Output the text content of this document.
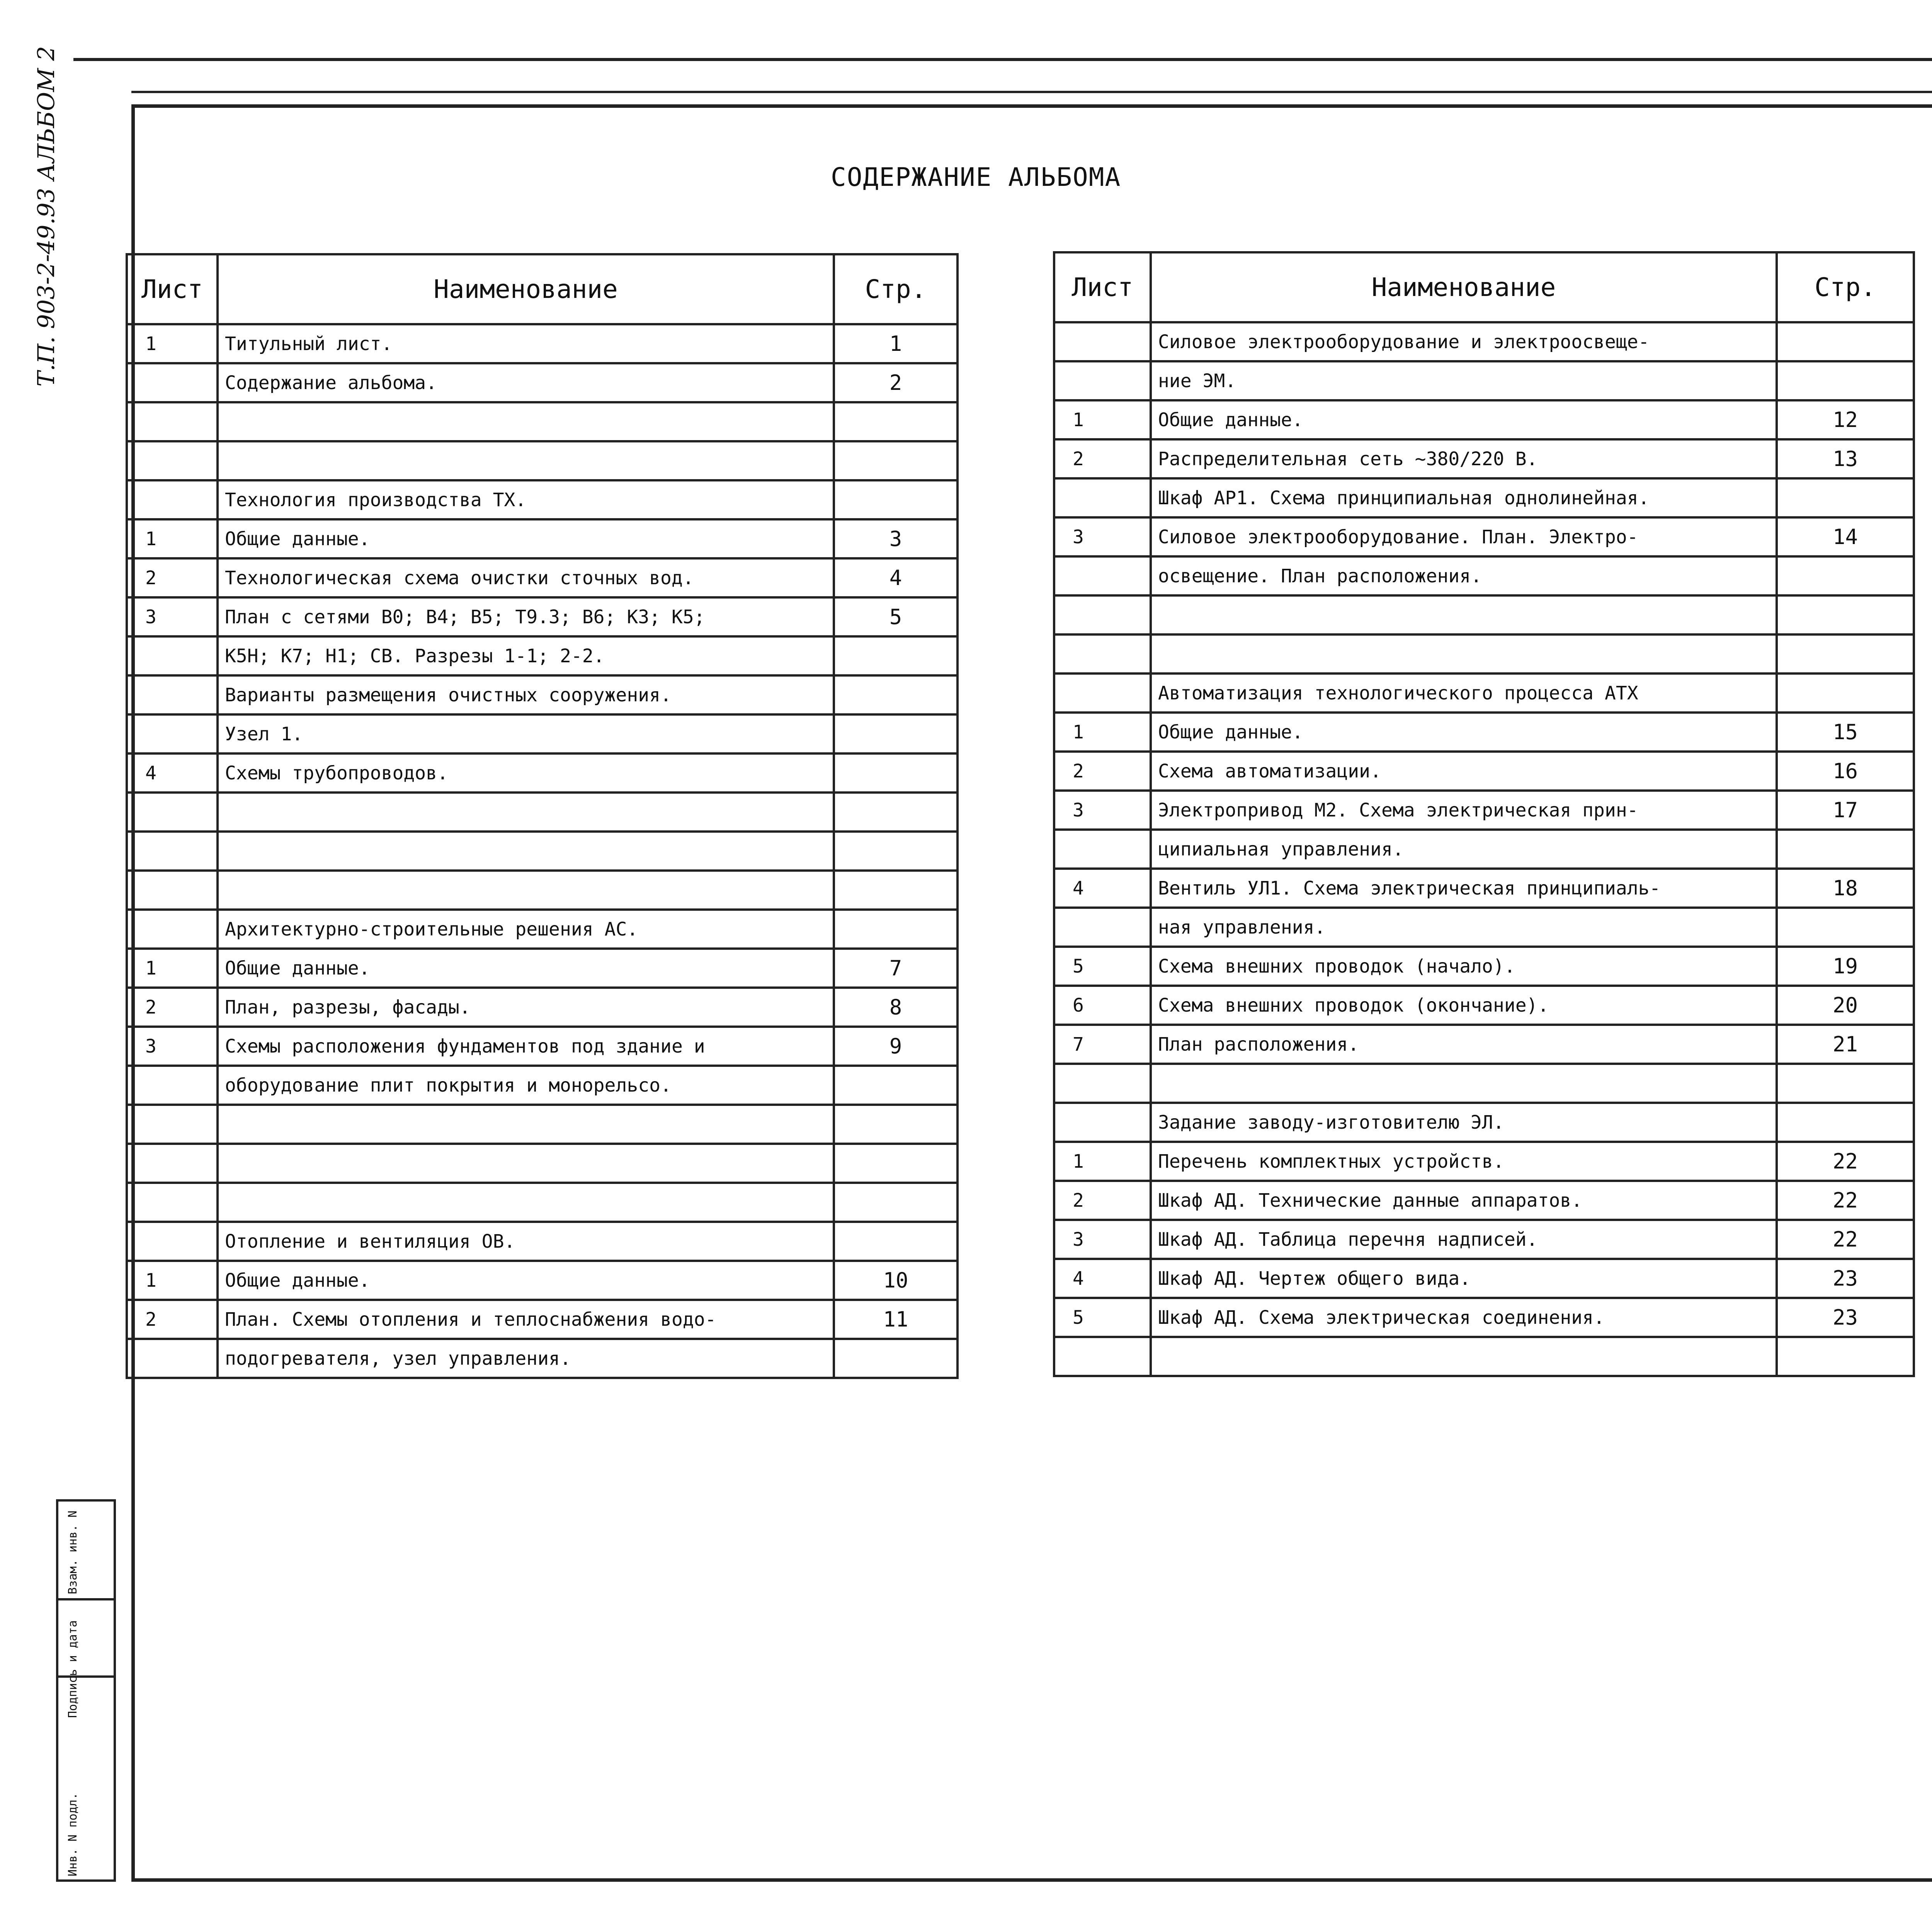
СОДЕРЖАНИЕ АЛЬБОМА
Т.П. 903-2-49.93 АЛЬБОМ 2	Лист	Наименование	Стр.
1	Титульный лист.	1
	Содержание альбома.	2

	Технология производства ТХ.	
1	Общие данные.	3
2	Технологическая схема очистки сточных вод.	4
3	План с сетями В0; В4; В5; Т9.3; В6; К3; К5;	5
	К5Н; К7; Н1; СВ. Разрезы 1-1; 2-2.	
	Варианты размещения очистных сооружения.	
	Узел 1.	
4	Схемы трубопроводов.	

	Архитектурно-строительные решения АС.	
1	Общие данные.	7
2	План, разрезы, фасады.	8
3	Схемы расположения фундаментов под здание и	9
	оборудование плит покрытия и монорельсо.	

	Отопление и вентиляция ОВ.	
1	Общие данные.	10
2	План. Схемы отопления и теплоснабжения водо-	11
	подогревателя, узел управления.	
Лист	Наименование	Стр.
	Силовое электрооборудование и электроосвеще-	
	ние ЭМ.	
1	Общие данные.	12
2	Распределительная сеть ~380/220 В.	13
	Шкаф АР1. Схема принципиальная однолинейная.	
3	Силовое электрооборудование. План. Электро-	14
	освещение. План расположения.	

	Автоматизация технологического процесса АТХ	
1	Общие данные.	15
2	Схема автоматизации.	16
3	Электропривод М2. Схема электрическая прин-	17
	ципиальная управления.	
4	Вентиль УЛ1. Схема электрическая принципиаль-	18
	ная управления.	
5	Схема внешних проводок (начало).	19
6	Схема внешних проводок (окончание).	20
7	План расположения.	21

	Задание заводу-изготовителю ЭЛ.	
1	Перечень комплектных устройств.	22
2	Шкаф АД. Технические данные аппаратов.	22
3	Шкаф АД. Таблица перечня надписей.	22
4	Шкаф АД. Чертеж общего вида.	23
5	Шкаф АД. Схема электрическая соединения.	23

Инв. N подл.
Подпись и дата
Взам. инв. N
